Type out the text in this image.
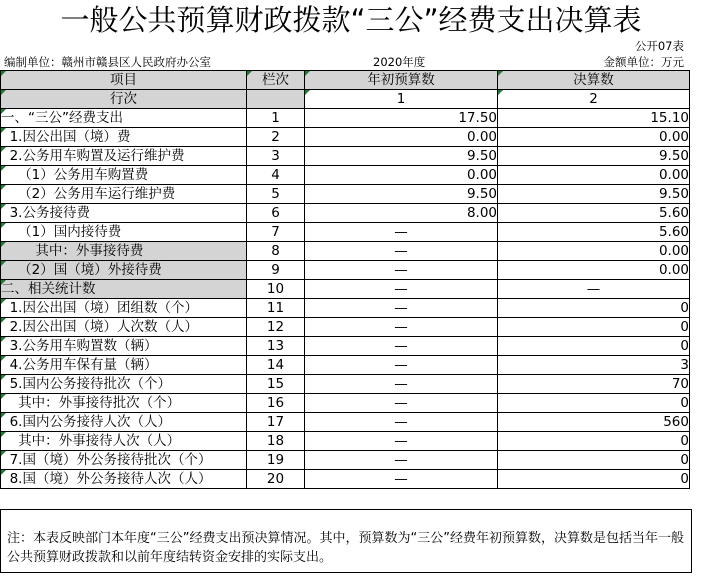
一般公共预算财政拨款“三公”经费支出决算表
公开07表
编制单位：赣州市赣县区人民政府办公室	2020年度	金额单位：万元
项目	栏次	年初预算数	决算数
行次		1	2
一、“三公”经费支出	1	17.50	15.10
1.因公出国（境）费	2	0.00	0.00
2.公务用车购置及运行维护费	3	9.50	9.50
（1）公务用车购置费	4	0.00	0.00
（2）公务用车运行维护费	5	9.50	9.50
3.公务接待费	6	8.00	5.60
（1）国内接待费	7	—	5.60
其中：外事接待费	8	—	0.00
（2）国（境）外接待费	9	—	0.00
二、相关统计数	10	—	—
1.因公出国（境）团组数（个）	11	—	0
2.因公出国（境）人次数（人）	12	—	0
3.公务用车购置数（辆）	13	—	0
4.公务用车保有量（辆）	14	—	3
5.国内公务接待批次（个）	15	—	70
其中：外事接待批次（个）	16	—	0
6.国内公务接待人次（人）	17	—	560
其中：外事接待人次（人）	18	—	0
7.国（境）外公务接待批次（个）	19	—	0
8.国（境）外公务接待人次（人）	20	—	0
注：本表反映部门本年度“三公”经费支出预决算情况。其中，预算数为“三公”经费年初预算数，决算数是包括当年一般公共预算财政拨款和以前年度结转资金安排的实际支出。
